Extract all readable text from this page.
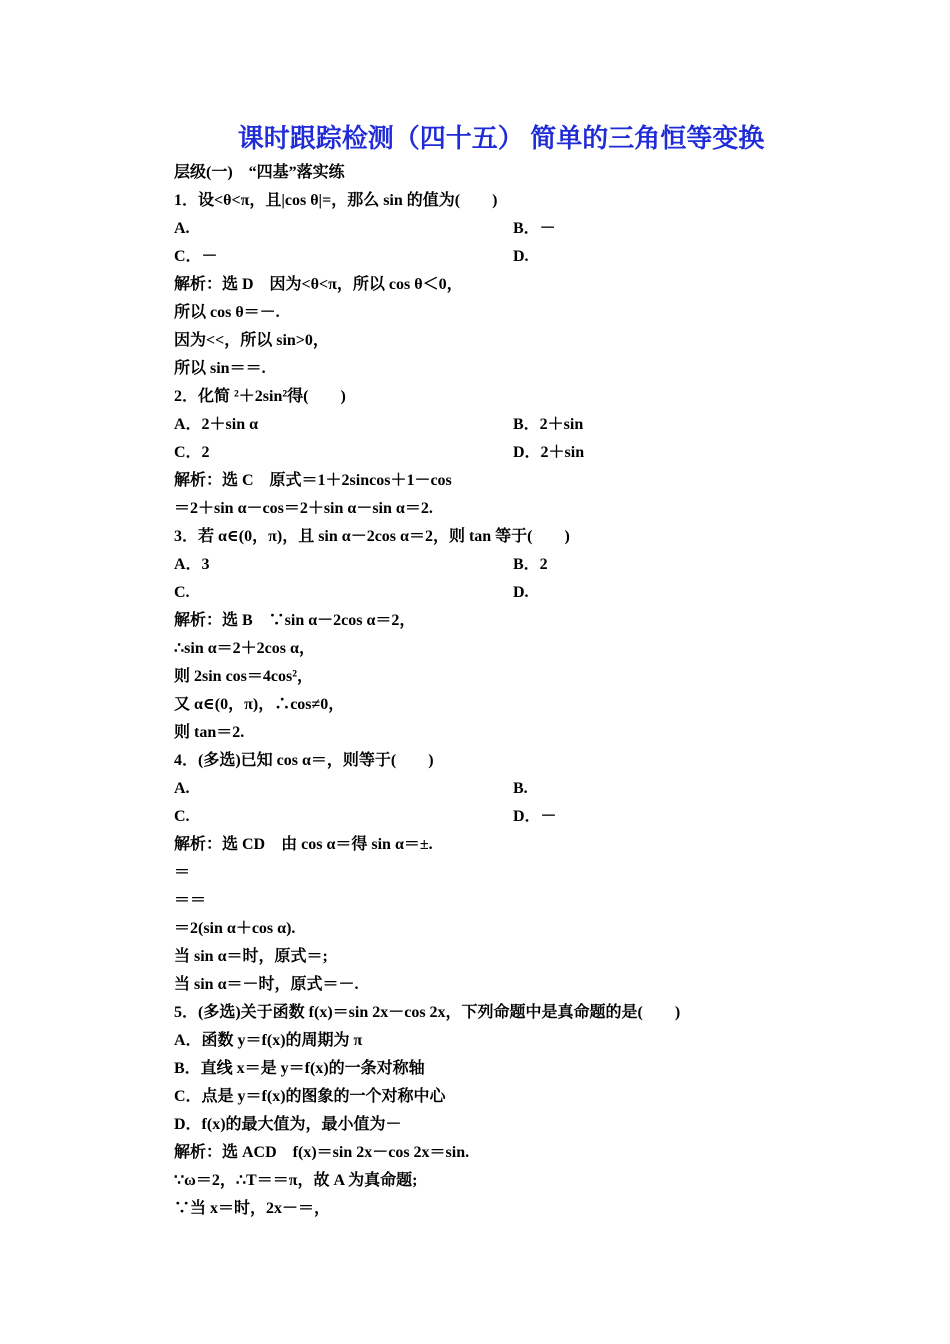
课时跟踪检测（四十五） 简单的三角恒等变换
层级(一)　“四基”落实练
1．设<θ<π，且|cos θ|=，那么 sin 的值为(　　)
A.	B．－
C．－	D.
解析：选 D　因为<θ<π，所以 cos θ＜0，
所以 cos θ＝－.
因为<<，所以 sin>0，
所以 sin＝＝.
2．化简 ²＋2sin²得(　　)
A．2＋sin α	B．2＋sin
C．2	D．2＋sin
解析：选 C　原式＝1＋2sincos＋1－cos
＝2＋sin α－cos＝2＋sin α－sin α＝2.
3．若 α∈(0，π)，且 sin α－2cos α＝2，则 tan 等于(　　)
A．3	B．2
C.	D.
解析：选 B　∵sin α－2cos α＝2，
∴sin α＝2＋2cos α，
则 2sin cos＝4cos²，
又 α∈(0，π)，∴cos≠0，
则 tan＝2.
4．(多选)已知 cos α＝，则等于(　　)
A.	B.
C.	D．－
解析：选 CD　由 cos α＝得 sin α＝±.
＝
＝＝
＝2(sin α＋cos α).
当 sin α＝时，原式＝;
当 sin α＝－时，原式＝－.
5．(多选)关于函数 f(x)＝sin 2x－cos 2x，下列命题中是真命题的是(　　)
A．函数 y＝f(x)的周期为 π
B．直线 x＝是 y＝f(x)的一条对称轴
C．点是 y＝f(x)的图象的一个对称中心
D．f(x)的最大值为，最小值为－
解析：选 ACD　f(x)＝sin 2x－cos 2x＝sin.
∵ω＝2，∴T＝＝π，故 A 为真命题;
∵当 x＝时，2x－＝，
